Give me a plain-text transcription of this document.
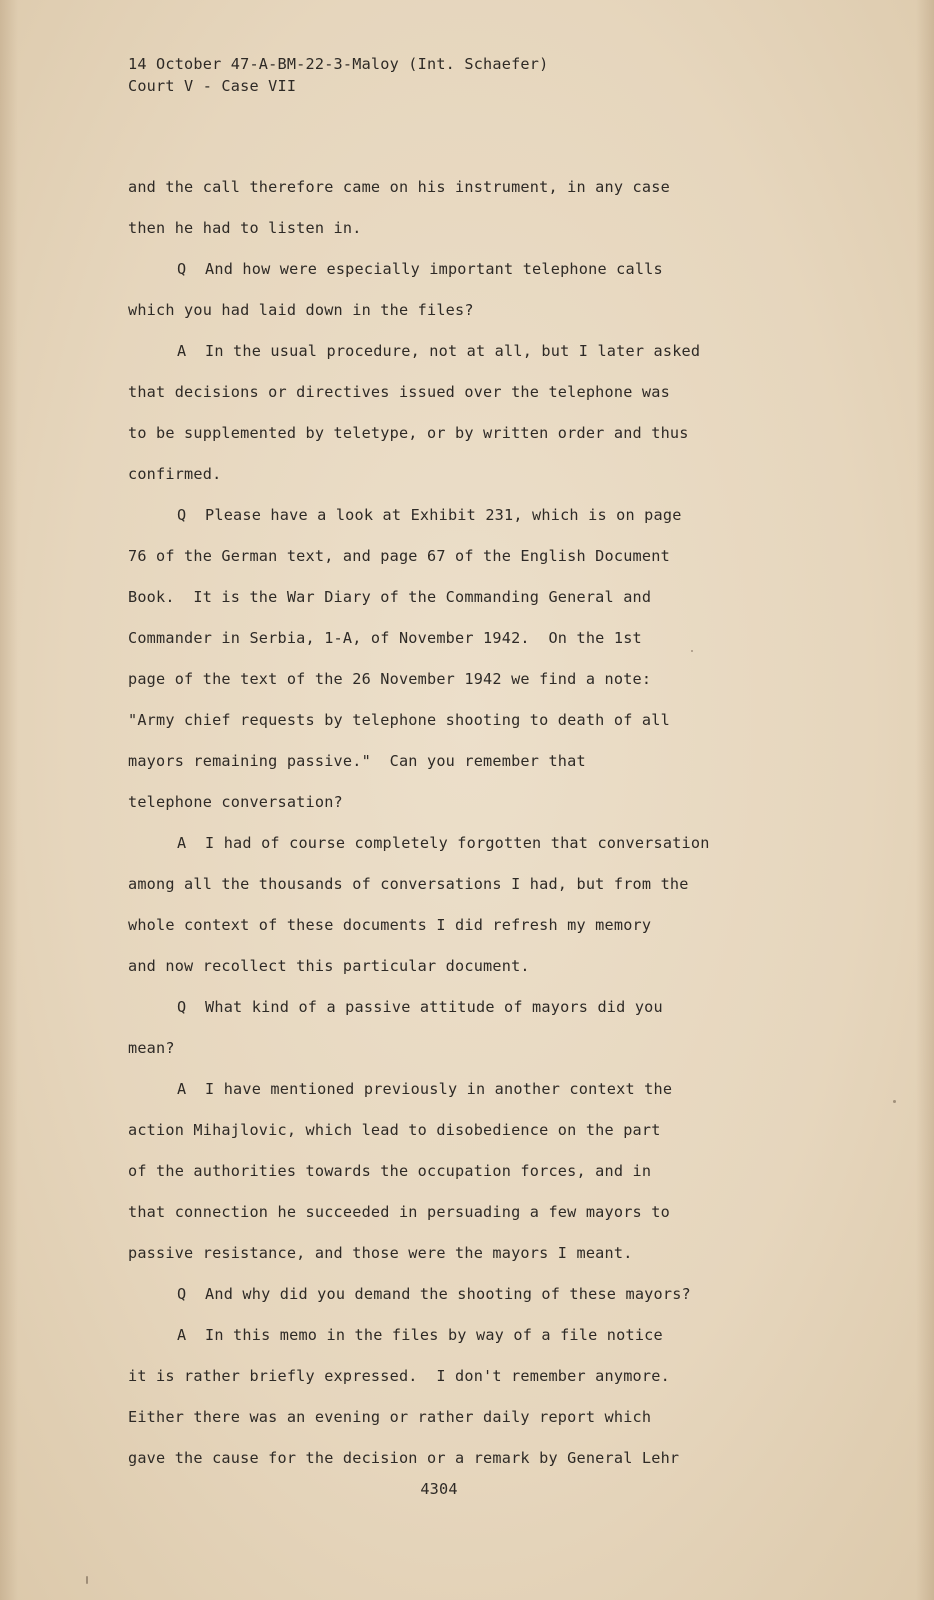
14 October 47-A-BM-22-3-Maloy (Int. Schaefer)
Court V - Case VII
and the call therefore came on his instrument, in any case
then he had to listen in.
Q  And how were especially important telephone calls
which you had laid down in the files?
A  In the usual procedure, not at all, but I later asked
that decisions or directives issued over the telephone was
to be supplemented by teletype, or by written order and thus
confirmed.
Q  Please have a look at Exhibit 231, which is on page
76 of the German text, and page 67 of the English Document
Book.  It is the War Diary of the Commanding General and
Commander in Serbia, 1-A, of November 1942.  On the 1st
page of the text of the 26 November 1942 we find a note:
"Army chief requests by telephone shooting to death of all
mayors remaining passive."  Can you remember that
telephone conversation?
A  I had of course completely forgotten that conversation
among all the thousands of conversations I had, but from the
whole context of these documents I did refresh my memory
and now recollect this particular document.
Q  What kind of a passive attitude of mayors did you
mean?
A  I have mentioned previously in another context the
action Mihajlovic, which lead to disobedience on the part
of the authorities towards the occupation forces, and in
that connection he succeeded in persuading a few mayors to
passive resistance, and those were the mayors I meant.
Q  And why did you demand the shooting of these mayors?
A  In this memo in the files by way of a file notice
it is rather briefly expressed.  I don't remember anymore.
Either there was an evening or rather daily report which
gave the cause for the decision or a remark by General Lehr
4304
